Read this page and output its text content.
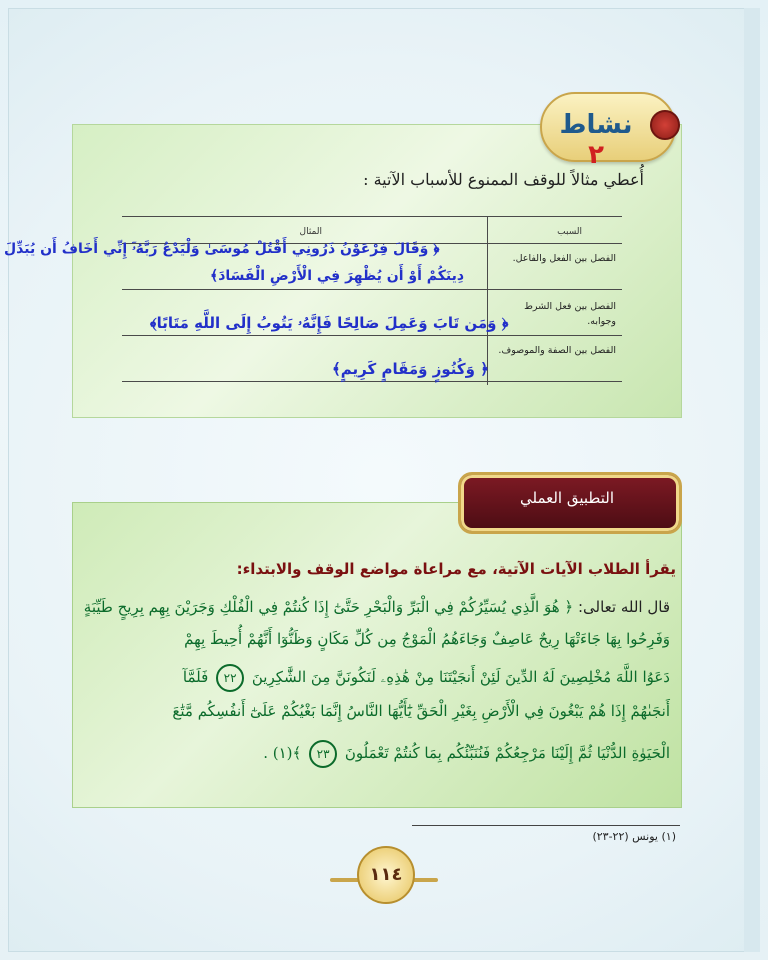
نشاط ٢
أُعطي مثالاً للوقف الممنوع للأسباب الآتية :
السبب
المثال
الفصل بين الفعل والفاعل.
الفصل بين فعل الشرط وجوابه.
الفصل بين الصفة والموصوف.
﴿ وَقَالَ فِرْعَوْنُ ذَرُونِي أَقْتُلْ مُوسَىٰ وَلْيَدْعُ رَبَّهُۥٓ إِنِّي أَخَافُ أَن يُبَدِّلَ
دِينَكُمْ أَوْ أَن يُظْهِرَ فِي الْأَرْضِ الْفَسَادَ﴾
﴿ وَمَن تَابَ وَعَمِلَ صَالِحًا فَإِنَّهُۥ يَتُوبُ إِلَى اللَّهِ مَتَابًا﴾
﴿ وَكُنُوزٍ وَمَقَامٍ كَرِيمٍ﴾
التطبيق العملي
يقرأ الطلاب الآيات الآتية، مع مراعاة مواضع الوقف والابتداء:
قال الله تعالى: ﴿ هُوَ الَّذِي يُسَيِّرُكُمْ فِي الْبَرِّ وَالْبَحْرِ حَتَّىٰٓ إِذَا كُنتُمْ فِي الْفُلْكِ وَجَرَيْنَ بِهِم بِرِيحٍ طَيِّبَةٍ
وَفَرِحُوا بِهَا جَاءَتْهَا رِيحٌ عَاصِفٌ وَجَاءَهُمُ الْمَوْجُ مِن كُلِّ مَكَانٍ وَظَنُّوٓا أَنَّهُمْ أُحِيطَ بِهِمْ
دَعَوُا اللَّهَ مُخْلِصِينَ لَهُ الدِّينَ لَئِنْ أَنجَيْتَنَا مِنْ هَٰذِهِۦ لَنَكُونَنَّ مِنَ الشَّٰكِرِينَ ٢٢ فَلَمَّآ
أَنجَىٰهُمْ إِذَا هُمْ يَبْغُونَ فِي الْأَرْضِ بِغَيْرِ الْحَقِّ يَٰٓأَيُّهَا النَّاسُ إِنَّمَا بَغْيُكُمْ عَلَىٰٓ أَنفُسِكُم مَّتَٰعَ
الْحَيَوٰةِ الدُّنْيَا ثُمَّ إِلَيْنَا مَرْجِعُكُمْ فَنُنَبِّئُكُم بِمَا كُنتُمْ تَعْمَلُونَ ٢٣ ﴾(١) .
(١) يونس (٢٢-٢٣)
١١٤
